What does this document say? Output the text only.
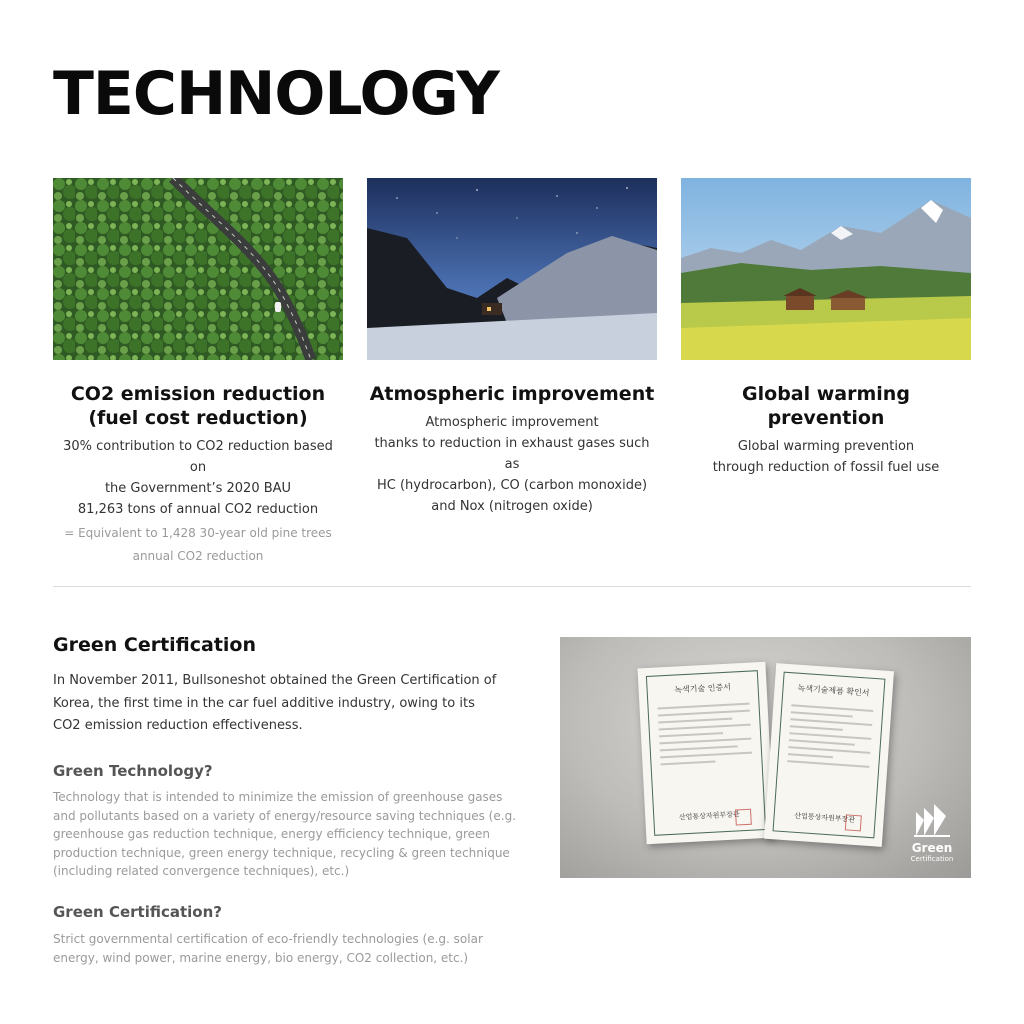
TECHNOLOGY
CO2 emission reduction
(fuel cost reduction)
30% contribution to CO2 reduction based on
the Government’s 2020 BAU
81,263 tons of annual CO2 reduction
= Equivalent to 1,428 30-year old pine trees
annual CO2 reduction
Atmospheric improvement
Atmospheric improvement
thanks to reduction in exhaust gases such as
HC (hydrocarbon), CO (carbon monoxide)
and Nox (nitrogen oxide)
Global warming prevention
Global warming prevention
through reduction of fossil fuel use
Green Certification
In November 2011, Bullsoneshot obtained the Green Certification of Korea, the first time in the car fuel additive industry, owing to its CO2 emission reduction effectiveness.
Green Technology?
Technology that is intended to minimize the emission of greenhouse gases and pollutants based on a variety of energy/resource saving techniques (e.g. greenhouse gas reduction technique, energy efficiency technique, green production technique, green energy technique, recycling & green technique (including related convergence techniques), etc.)
Green Certification?
Strict governmental certification of eco-friendly technologies (e.g. solar energy, wind power, marine energy, bio energy, CO2 collection, etc.)
녹색기술 인증서
산업통상자원부장관
녹색기술제품 확인서
산업통상자원부장관
Green
Certification
